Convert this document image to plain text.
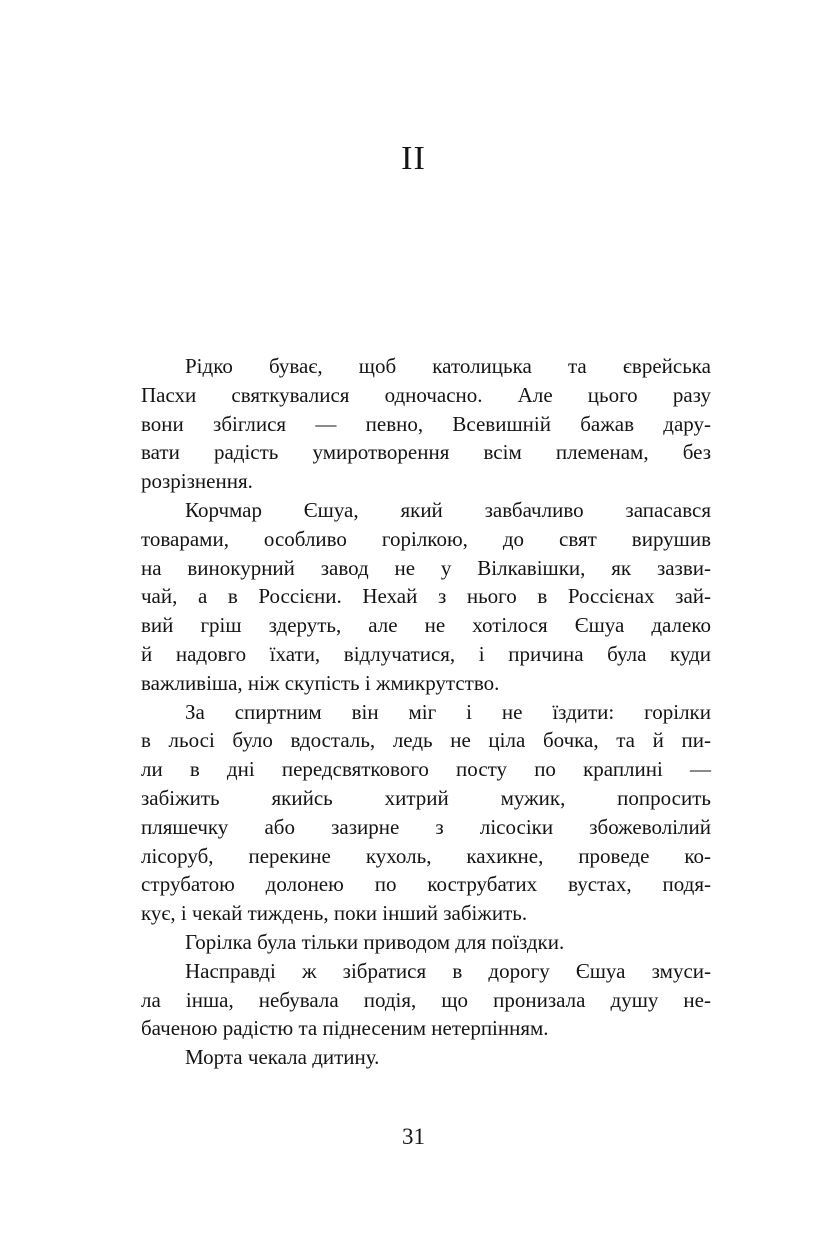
II
Рідко буває, щоб католицька та єврейська
Пасхи святкувалися одночасно. Але цього разу
вони збіглися — певно, Всевишній бажав дару-
вати радість умиротворення всім племенам, без
розрізнення.
Корчмар Єшуа, який завбачливо запасався
товарами, особливо горілкою, до свят вирушив
на винокурний завод не у Вілкавішки, як зазви-
чай, а в Россієни. Нехай з нього в Россієнах зай-
вий гріш здеруть, але не хотілося Єшуа далеко
й надовго їхати, відлучатися, і причина була куди
важливіша, ніж скупість і жмикрутство.
За спиртним він міг і не їздити: горілки
в льосі було вдосталь, ледь не ціла бочка, та й пи-
ли в дні передсвяткового посту по краплині —
забіжить якийсь хитрий мужик, попросить
пляшечку або зазирне з лісосіки збожеволілий
лісоруб, перекине кухоль, кахикне, проведе ко-
струбатою долонею по кострубатих вустах, подя-
кує, і чекай тиждень, поки інший забіжить.
Горілка була тільки приводом для поїздки.
Насправді ж зібратися в дорогу Єшуа змуси-
ла інша, небувала подія, що пронизала душу не-
баченою радістю та піднесеним нетерпінням.
Морта чекала дитину.
31
